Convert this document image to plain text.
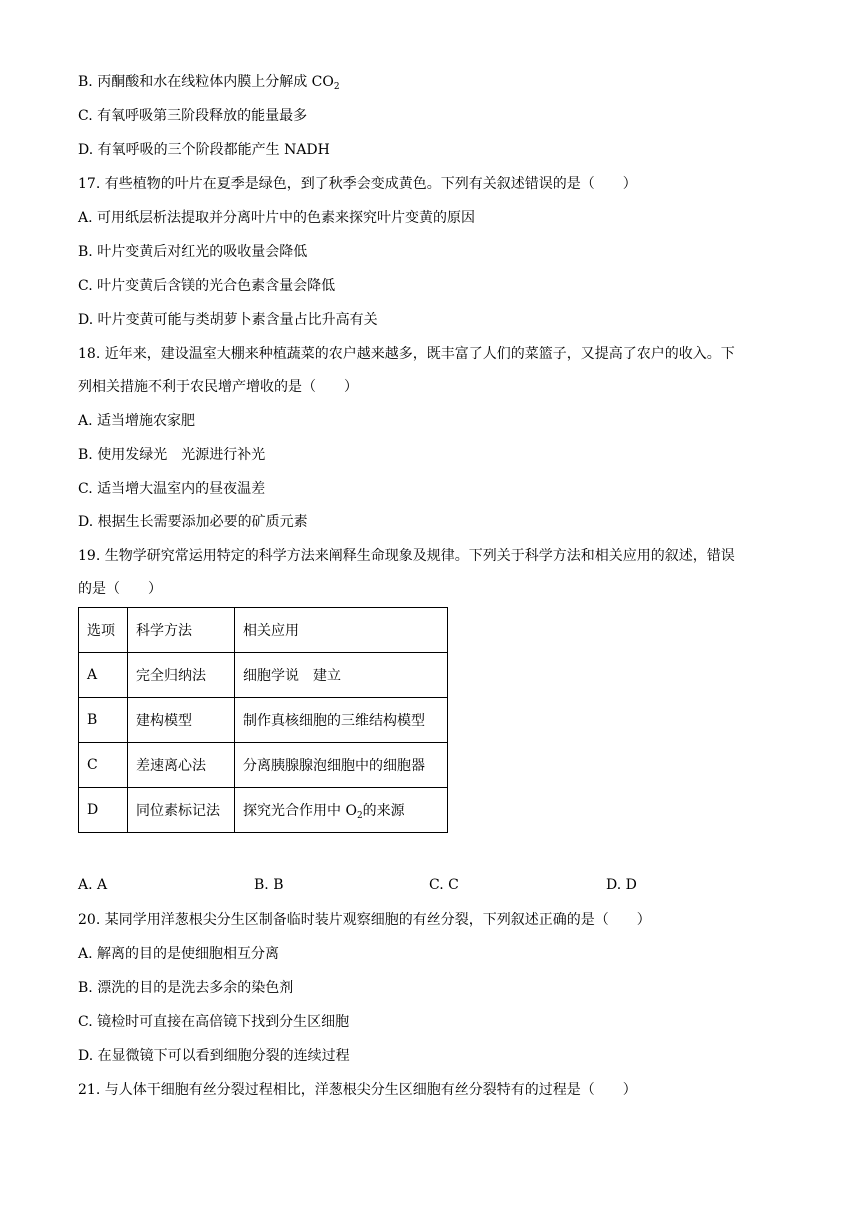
B. 丙酮酸和水在线粒体内膜上分解成 $CO_2$
C. 有氧呼吸第三阶段释放的能量最多
D. 有氧呼吸的三个阶段都能产生 NADH
17. 有些植物的叶片在夏季是绿色，到了秋季会变成黄色。下列有关叙述错误的是（　　）
A. 可用纸层析法提取并分离叶片中的色素来探究叶片变黄的原因
B. 叶片变黄后对红光的吸收量会降低
C. 叶片变黄后含镁的光合色素含量会降低
D. 叶片变黄可能与类胡萝卜素含量占比升高有关
18. 近年来，建设温室大棚来种植蔬菜的农户越来越多，既丰富了人们的菜篮子，又提高了农户的收入。下
列相关措施不利于农民增产增收的是（　　）
A. 适当增施农家肥
B. 使用发绿光　光源进行补光
C. 适当增大温室内的昼夜温差
D. 根据生长需要添加必要的矿质元素
19. 生物学研究常运用特定的科学方法来阐释生命现象及规律。下列关于科学方法和相关应用的叙述，错误
的是（　　）
选项	科学方法	相关应用
A	完全归纳法	细胞学说　建立
B	建构模型	制作真核细胞的三维结构模型
C	差速离心法	分离胰腺腺泡细胞中的细胞器
D	同位素标记法	探究光合作用中 $O_2$的来源
A. A	B. B	C. C	D. D
20. 某同学用洋葱根尖分生区制备临时装片观察细胞的有丝分裂，下列叙述正确的是（　　）
A. 解离的目的是使细胞相互分离
B. 漂洗的目的是洗去多余的染色剂
C. 镜检时可直接在高倍镜下找到分生区细胞
D. 在显微镜下可以看到细胞分裂的连续过程
21. 与人体干细胞有丝分裂过程相比，洋葱根尖分生区细胞有丝分裂特有的过程是（　　）
